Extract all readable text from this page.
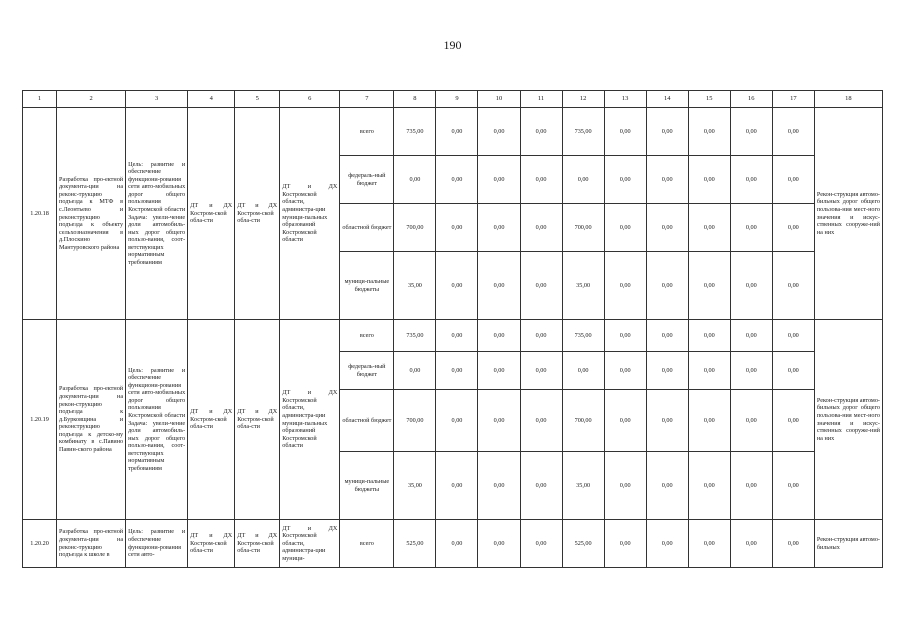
190
1	2	3	4	5	6	7	8	9	10	11	12	13	14	15	16	17	18
1.20.18	Разработка про-ектной документа-ции на реконс-трукцию подъезда к МТФ в с.Леонтьево и реконструкцию подъезда к объекту сельхозназначения в д.Плоскино Мантуровского района	Цель: развитие и обеспечение функциони-рования сети авто-мобильных дорог общего пользования Костромской области Задача: увели-чение доли автомобиль-ных дорог общего пользо-вания, соот-ветствующих нормативным требованиям	ДТ и ДХ Костром-ской обла-сти	ДТ и ДХ Костром-ской обла-сти	ДТ и ДХ Костромской области, администра-ции муници-пальных образований Костромской области	всего	735,00	0,00	0,00	0,00	735,00	0,00	0,00	0,00	0,00	0,00	Рекон-струкция автомо-бильных дорог общего пользова-ния мест-ного значения и искус-ственных сооруже-ний на них
						федераль-ный бюджет	0,00	0,00	0,00	0,00	0,00	0,00	0,00	0,00	0,00	0,00	
						областной бюджет	700,00	0,00	0,00	0,00	700,00	0,00	0,00	0,00	0,00	0,00	
						муници-пальные бюджеты	35,00	0,00	0,00	0,00	35,00	0,00	0,00	0,00	0,00	0,00	
1.20.19	Разработка про-ектной документа-ции на рекон-струкцию подъезда к д.Бурковщина и реконструкцию подъезда к детско-му комбинату в с.Павино Павин-ского района	Цель: развитие и обеспечение функциони-рования сети авто-мобильных дорог общего пользования Костромской области Задача: увели-чение доли автомобиль-ных дорог общего пользо-вания, соот-ветствующих нормативным требованиям	ДТ и ДХ Костром-ской обла-сти	ДТ и ДХ Костром-ской обла-сти	ДТ и ДХ Костромской области, администра-ции муници-пальных образований Костромской области	всего	735,00	0,00	0,00	0,00	735,00	0,00	0,00	0,00	0,00	0,00	Рекон-струкция автомо-бильных дорог общего пользова-ния мест-ного значения и искус-ственных сооруже-ний на них
						федераль-ный бюджет	0,00	0,00	0,00	0,00	0,00	0,00	0,00	0,00	0,00	0,00	
						областной бюджет	700,00	0,00	0,00	0,00	700,00	0,00	0,00	0,00	0,00	0,00	
						муници-пальные бюджеты	35,00	0,00	0,00	0,00	35,00	0,00	0,00	0,00	0,00	0,00	
1.20.20	Разработка про-ектной документа-ции на реконс-трукцию подъезда к школе в	Цель: развитие и обеспечение функциони-рования сети авто-	ДТ и ДХ Костром-ской обла-сти	ДТ и ДХ Костром-ской обла-сти	ДТ и ДХ Костромской области, администра-ции муници-	всего	525,00	0,00	0,00	0,00	525,00	0,00	0,00	0,00	0,00	0,00	Рекон-струкция автомо-бильных
